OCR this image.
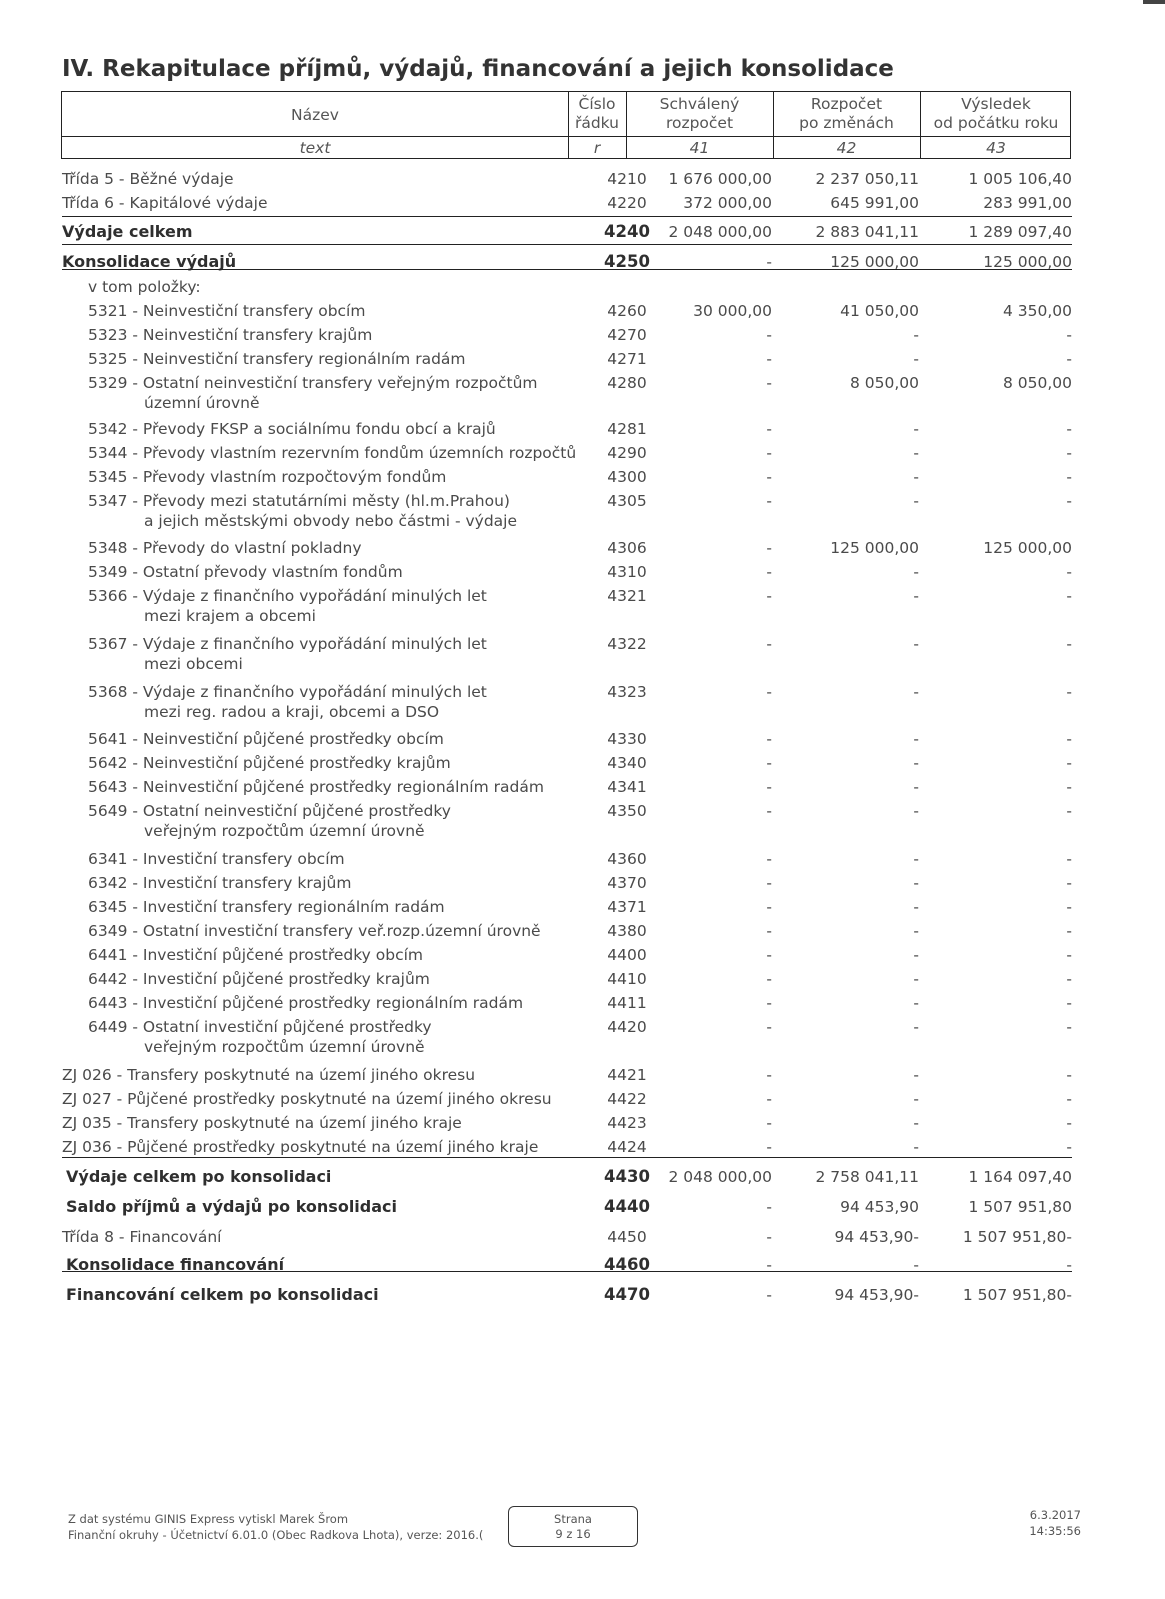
IV. Rekapitulace příjmů, výdajů, financování a jejich konsolidace
Název
Číslo
řádku
Schválený
rozpočet
Rozpočet
po změnách
Výsledek
od počátku roku
text	r	41	42	43
Třída 5 - Běžné výdaje	4210	1 676 000,00	2 237 050,11	1 005 106,40
Třída 6 - Kapitálové výdaje	4220	372 000,00	645 991,00	283 991,00
Výdaje celkem	4240	2 048 000,00	2 883 041,11	1 289 097,40
Konsolidace výdajů	4250	-	125 000,00	125 000,00
v tom položky:
5321 - Neinvestiční transfery obcím	4260	30 000,00	41 050,00	4 350,00
5323 - Neinvestiční transfery krajům	4270	-	-	-
5325 - Neinvestiční transfery regionálním radám	4271	-	-	-
5329 - Ostatní neinvestiční transfery veřejným rozpočtům
územní úrovně
4280	-	8 050,00	8 050,00
5342 - Převody FKSP a sociálnímu fondu obcí a krajů	4281	-	-	-
5344 - Převody vlastním rezervním fondům územních rozpočtů	4290	-	-	-
5345 - Převody vlastním rozpočtovým fondům	4300	-	-	-
5347 - Převody mezi statutárními městy (hl.m.Prahou)
a jejich městskými obvody nebo částmi - výdaje
4305	-	-	-
5348 - Převody do vlastní pokladny	4306	-	125 000,00	125 000,00
5349 - Ostatní převody vlastním fondům	4310	-	-	-
5366 - Výdaje z finančního vypořádání minulých let
mezi krajem a obcemi
4321	-	-	-
5367 - Výdaje z finančního vypořádání minulých let
mezi obcemi
4322	-	-	-
5368 - Výdaje z finančního vypořádání minulých let
mezi reg. radou a kraji, obcemi a DSO
4323	-	-	-
5641 - Neinvestiční půjčené prostředky obcím	4330	-	-	-
5642 - Neinvestiční půjčené prostředky krajům	4340	-	-	-
5643 - Neinvestiční půjčené prostředky regionálním radám	4341	-	-	-
5649 - Ostatní neinvestiční půjčené prostředky
veřejným rozpočtům územní úrovně
4350	-	-	-
6341 - Investiční transfery obcím	4360	-	-	-
6342 - Investiční transfery krajům	4370	-	-	-
6345 - Investiční transfery regionálním radám	4371	-	-	-
6349 - Ostatní investiční transfery veř.rozp.územní úrovně	4380	-	-	-
6441 - Investiční půjčené prostředky obcím	4400	-	-	-
6442 - Investiční půjčené prostředky krajům	4410	-	-	-
6443 - Investiční půjčené prostředky regionálním radám	4411	-	-	-
6449 - Ostatní investiční půjčené prostředky
veřejným rozpočtům územní úrovně
4420	-	-	-
ZJ 026 - Transfery poskytnuté na území jiného okresu	4421	-	-	-
ZJ 027 - Půjčené prostředky poskytnuté na území jiného okresu	4422	-	-	-
ZJ 035 - Transfery poskytnuté na území jiného kraje	4423	-	-	-
ZJ 036 - Půjčené prostředky poskytnuté na území jiného kraje	4424	-	-	-
Výdaje celkem po konsolidaci	4430	2 048 000,00	2 758 041,11	1 164 097,40
Saldo příjmů a výdajů po konsolidaci	4440	-	94 453,90	1 507 951,80
Třída 8 - Financování	4450	-	94 453,90-	1 507 951,80-
Konsolidace financování	4460	-	-	-
Financování celkem po konsolidaci	4470	-	94 453,90-	1 507 951,80-
Z dat systému GINIS Express vytiskl Marek Šrom
Finanční okruhy - Účetnictví 6.01.0 (Obec Radkova Lhota), verze: 2016.(
Strana
9 z 16
6.3.2017
14:35:56
